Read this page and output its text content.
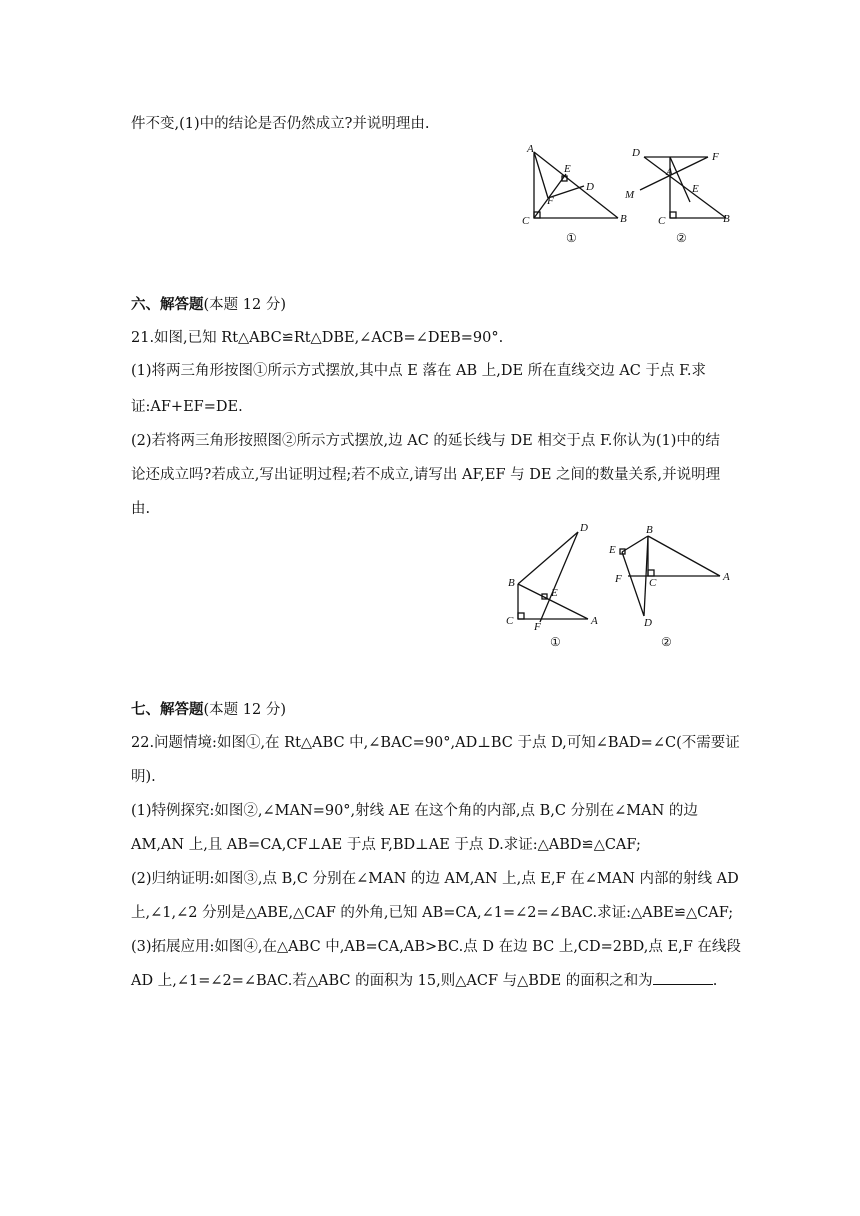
件不变,(1)中的结论是否仍然成立?并说明理由.
A
E
D
F
C	B
①
D
A
F
M	E
C	B
②
六、解答题(本题 12 分)
21.如图,已知 Rt△ABC≌Rt△DBE,∠ACB=∠DEB=90°.
(1)将两三角形按图①所示方式摆放,其中点 E 落在 AB 上,DE 所在直线交边 AC 于点 F.求
证:AF+EF=DE.
(2)若将两三角形按照图②所示方式摆放,边 AC 的延长线与 DE 相交于点 F.你认为(1)中的结
论还成立吗?若成立,写出证明过程;若不成立,请写出 AF,EF 与 DE 之间的数量关系,并说明理
由.
D
B
E
C F	A
①
B
E
F C	A
D
②
七、解答题(本题 12 分)
22.问题情境:如图①,在 Rt△ABC 中,∠BAC=90°,AD⊥BC 于点 D,可知∠BAD=∠C(不需要证
明).
(1)特例探究:如图②,∠MAN=90°,射线 AE 在这个角的内部,点 B,C 分别在∠MAN 的边
AM,AN 上,且 AB=CA,CF⊥AE 于点 F,BD⊥AE 于点 D.求证:△ABD≌△CAF;
(2)归纳证明:如图③,点 B,C 分别在∠MAN 的边 AM,AN 上,点 E,F 在∠MAN 内部的射线 AD
上,∠1,∠2 分别是△ABE,△CAF 的外角,已知 AB=CA,∠1=∠2=∠BAC.求证:△ABE≌△CAF;
(3)拓展应用:如图④,在△ABC 中,AB=CA,AB>BC.点 D 在边 BC 上,CD=2BD,点 E,F 在线段
AD 上,∠1=∠2=∠BAC.若△ABC 的面积为 15,则△ACF 与△BDE 的面积之和为	.
